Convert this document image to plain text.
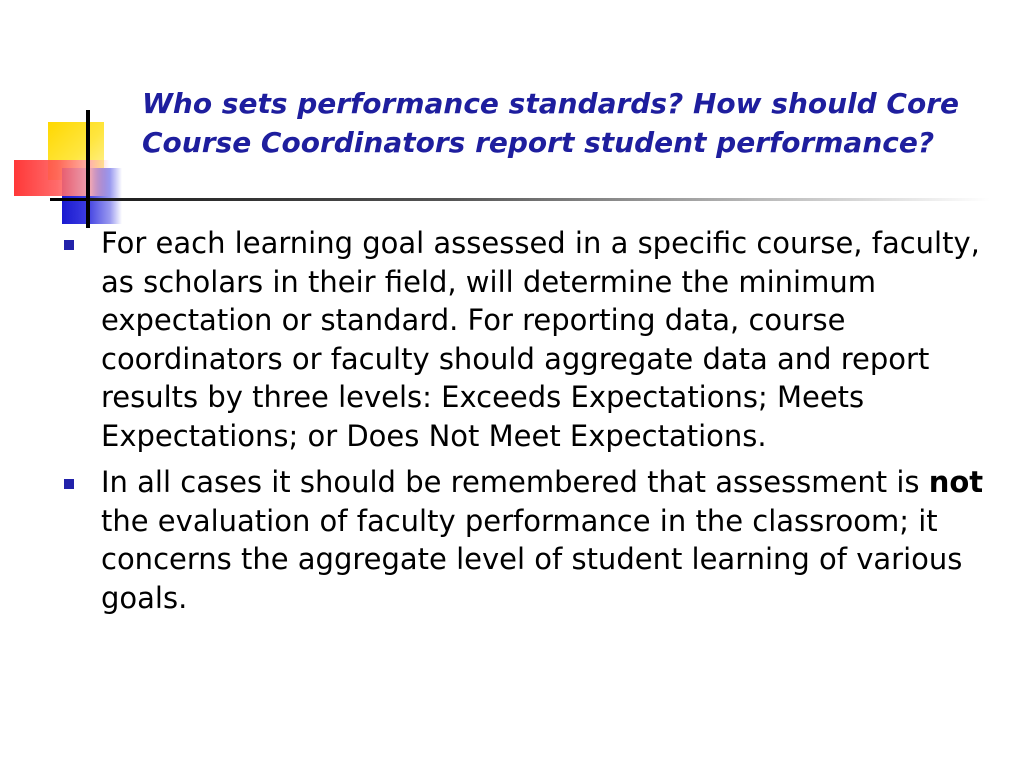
Who sets performance standards? How should Core Course Coordinators report student performance?
For each learning goal assessed in a specific course, faculty, as scholars in their field, will determine the minimum expectation or standard. For reporting data, course coordinators or faculty should aggregate data and report results by three levels: Exceeds Expectations; Meets Expectations; or Does Not Meet Expectations.
In all cases it should be remembered that assessment is not the evaluation of faculty performance in the classroom; it concerns the aggregate level of student learning of various goals.
